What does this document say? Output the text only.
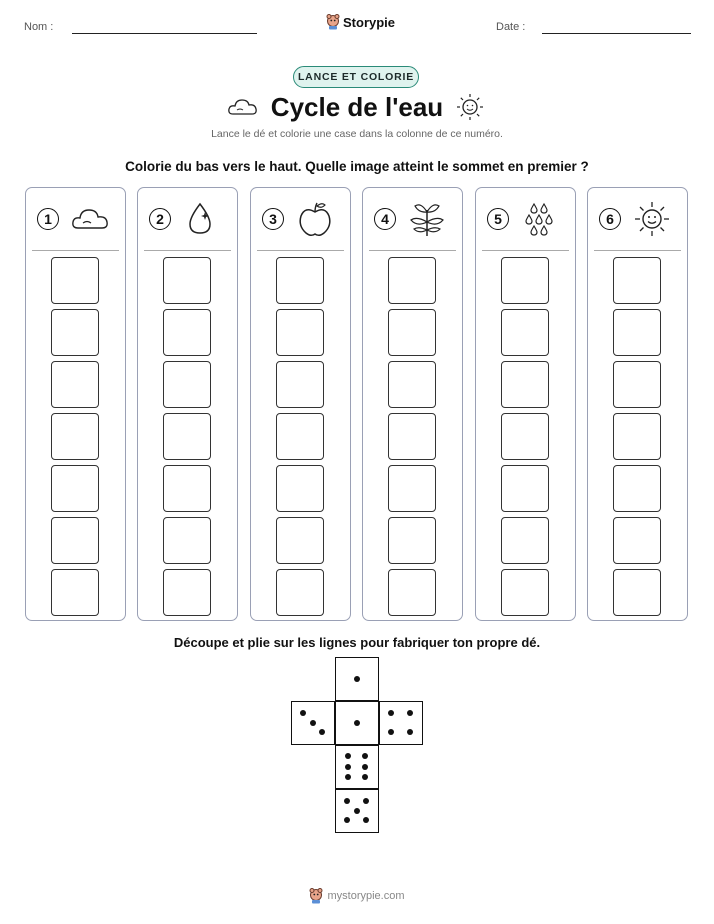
Nom :	Storypie	Date :
LANCE ET COLORIE
Cycle de l'eau
Lance le dé et colorie une case dans la colonne de ce numéro.
Colorie du bas vers le haut. Quelle image atteint le sommet en premier ?
1	2	3	4	5	6
Découpe et plie sur les lignes pour fabriquer ton propre dé.
mystorypie.com
